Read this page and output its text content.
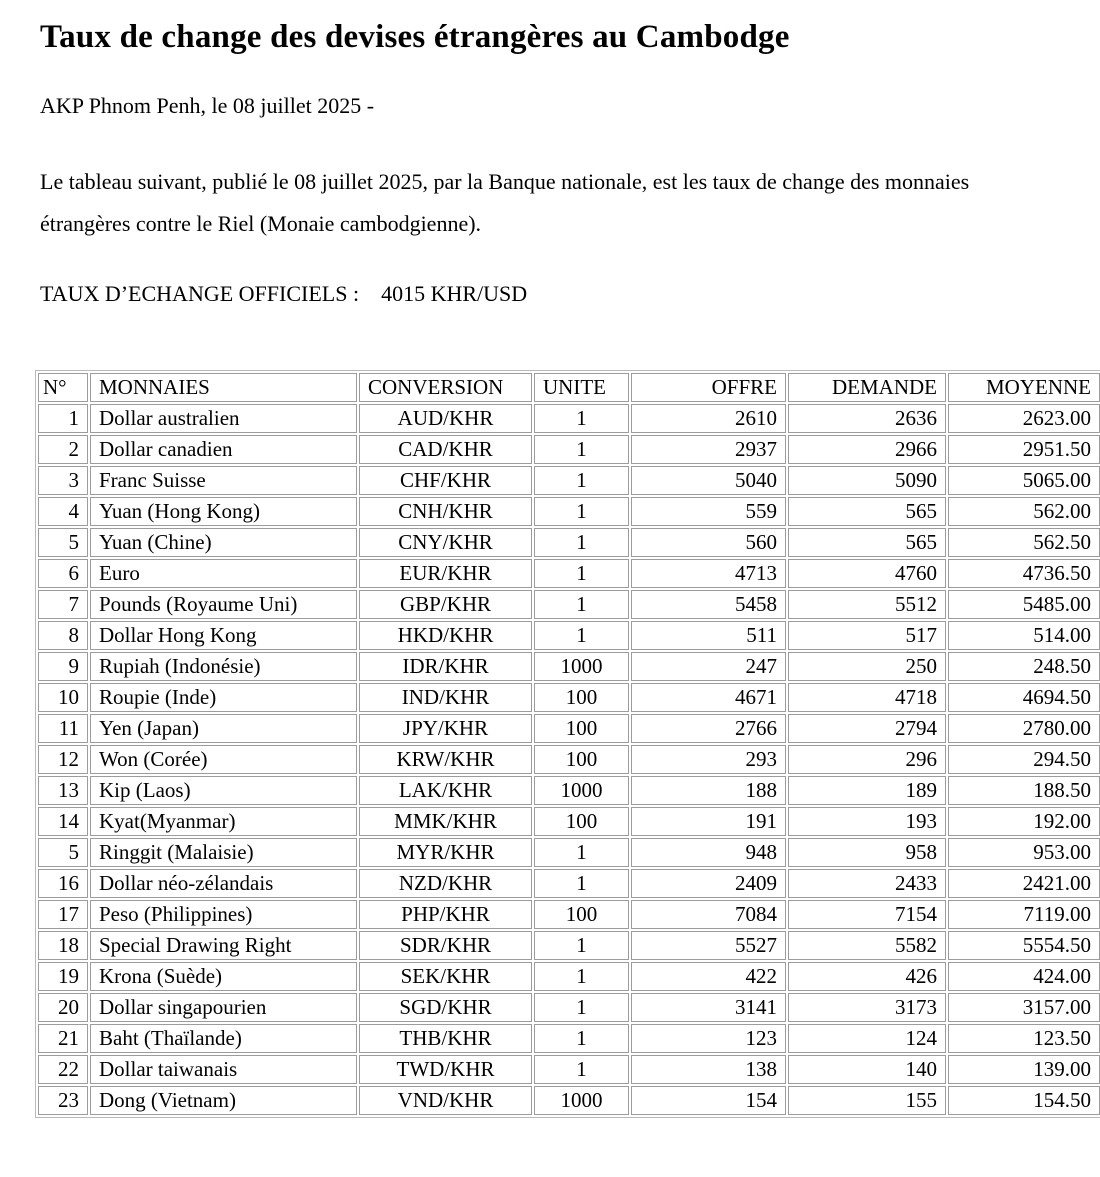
Taux de change des devises étrangères au Cambodge

AKP Phnom Penh, le 08 juillet 2025 -

Le tableau suivant, publié le 08 juillet 2025, par la Banque nationale, est les taux de change des monnaies étrangères contre le Riel (Monaie cambodgienne).

TAUX D’ECHANGE OFFICIELS : 4015 KHR/USD

N°	MONNAIES	CONVERSION	UNITE	OFFRE	DEMANDE	MOYENNE
1	Dollar australien	AUD/KHR	1	2610	2636	2623.00
2	Dollar canadien	CAD/KHR	1	2937	2966	2951.50
3	Franc Suisse	CHF/KHR	1	5040	5090	5065.00
4	Yuan (Hong Kong)	CNH/KHR	1	559	565	562.00
5	Yuan (Chine)	CNY/KHR	1	560	565	562.50
6	Euro	EUR/KHR	1	4713	4760	4736.50
7	Pounds (Royaume Uni)	GBP/KHR	1	5458	5512	5485.00
8	Dollar Hong Kong	HKD/KHR	1	511	517	514.00
9	Rupiah (Indonésie)	IDR/KHR	1000	247	250	248.50
10	Roupie (Inde)	IND/KHR	100	4671	4718	4694.50
11	Yen (Japan)	JPY/KHR	100	2766	2794	2780.00
12	Won (Corée)	KRW/KHR	100	293	296	294.50
13	Kip (Laos)	LAK/KHR	1000	188	189	188.50
14	Kyat(Myanmar)	MMK/KHR	100	191	193	192.00
5	Ringgit (Malaisie)	MYR/KHR	1	948	958	953.00
16	Dollar néo-zélandais	NZD/KHR	1	2409	2433	2421.00
17	Peso (Philippines)	PHP/KHR	100	7084	7154	7119.00
18	Special Drawing Right	SDR/KHR	1	5527	5582	5554.50
19	Krona (Suède)	SEK/KHR	1	422	426	424.00
20	Dollar singapourien	SGD/KHR	1	3141	3173	3157.00
21	Baht (Thaïlande)	THB/KHR	1	123	124	123.50
22	Dollar taiwanais	TWD/KHR	1	138	140	139.00
23	Dong (Vietnam)	VND/KHR	1000	154	155	154.50
